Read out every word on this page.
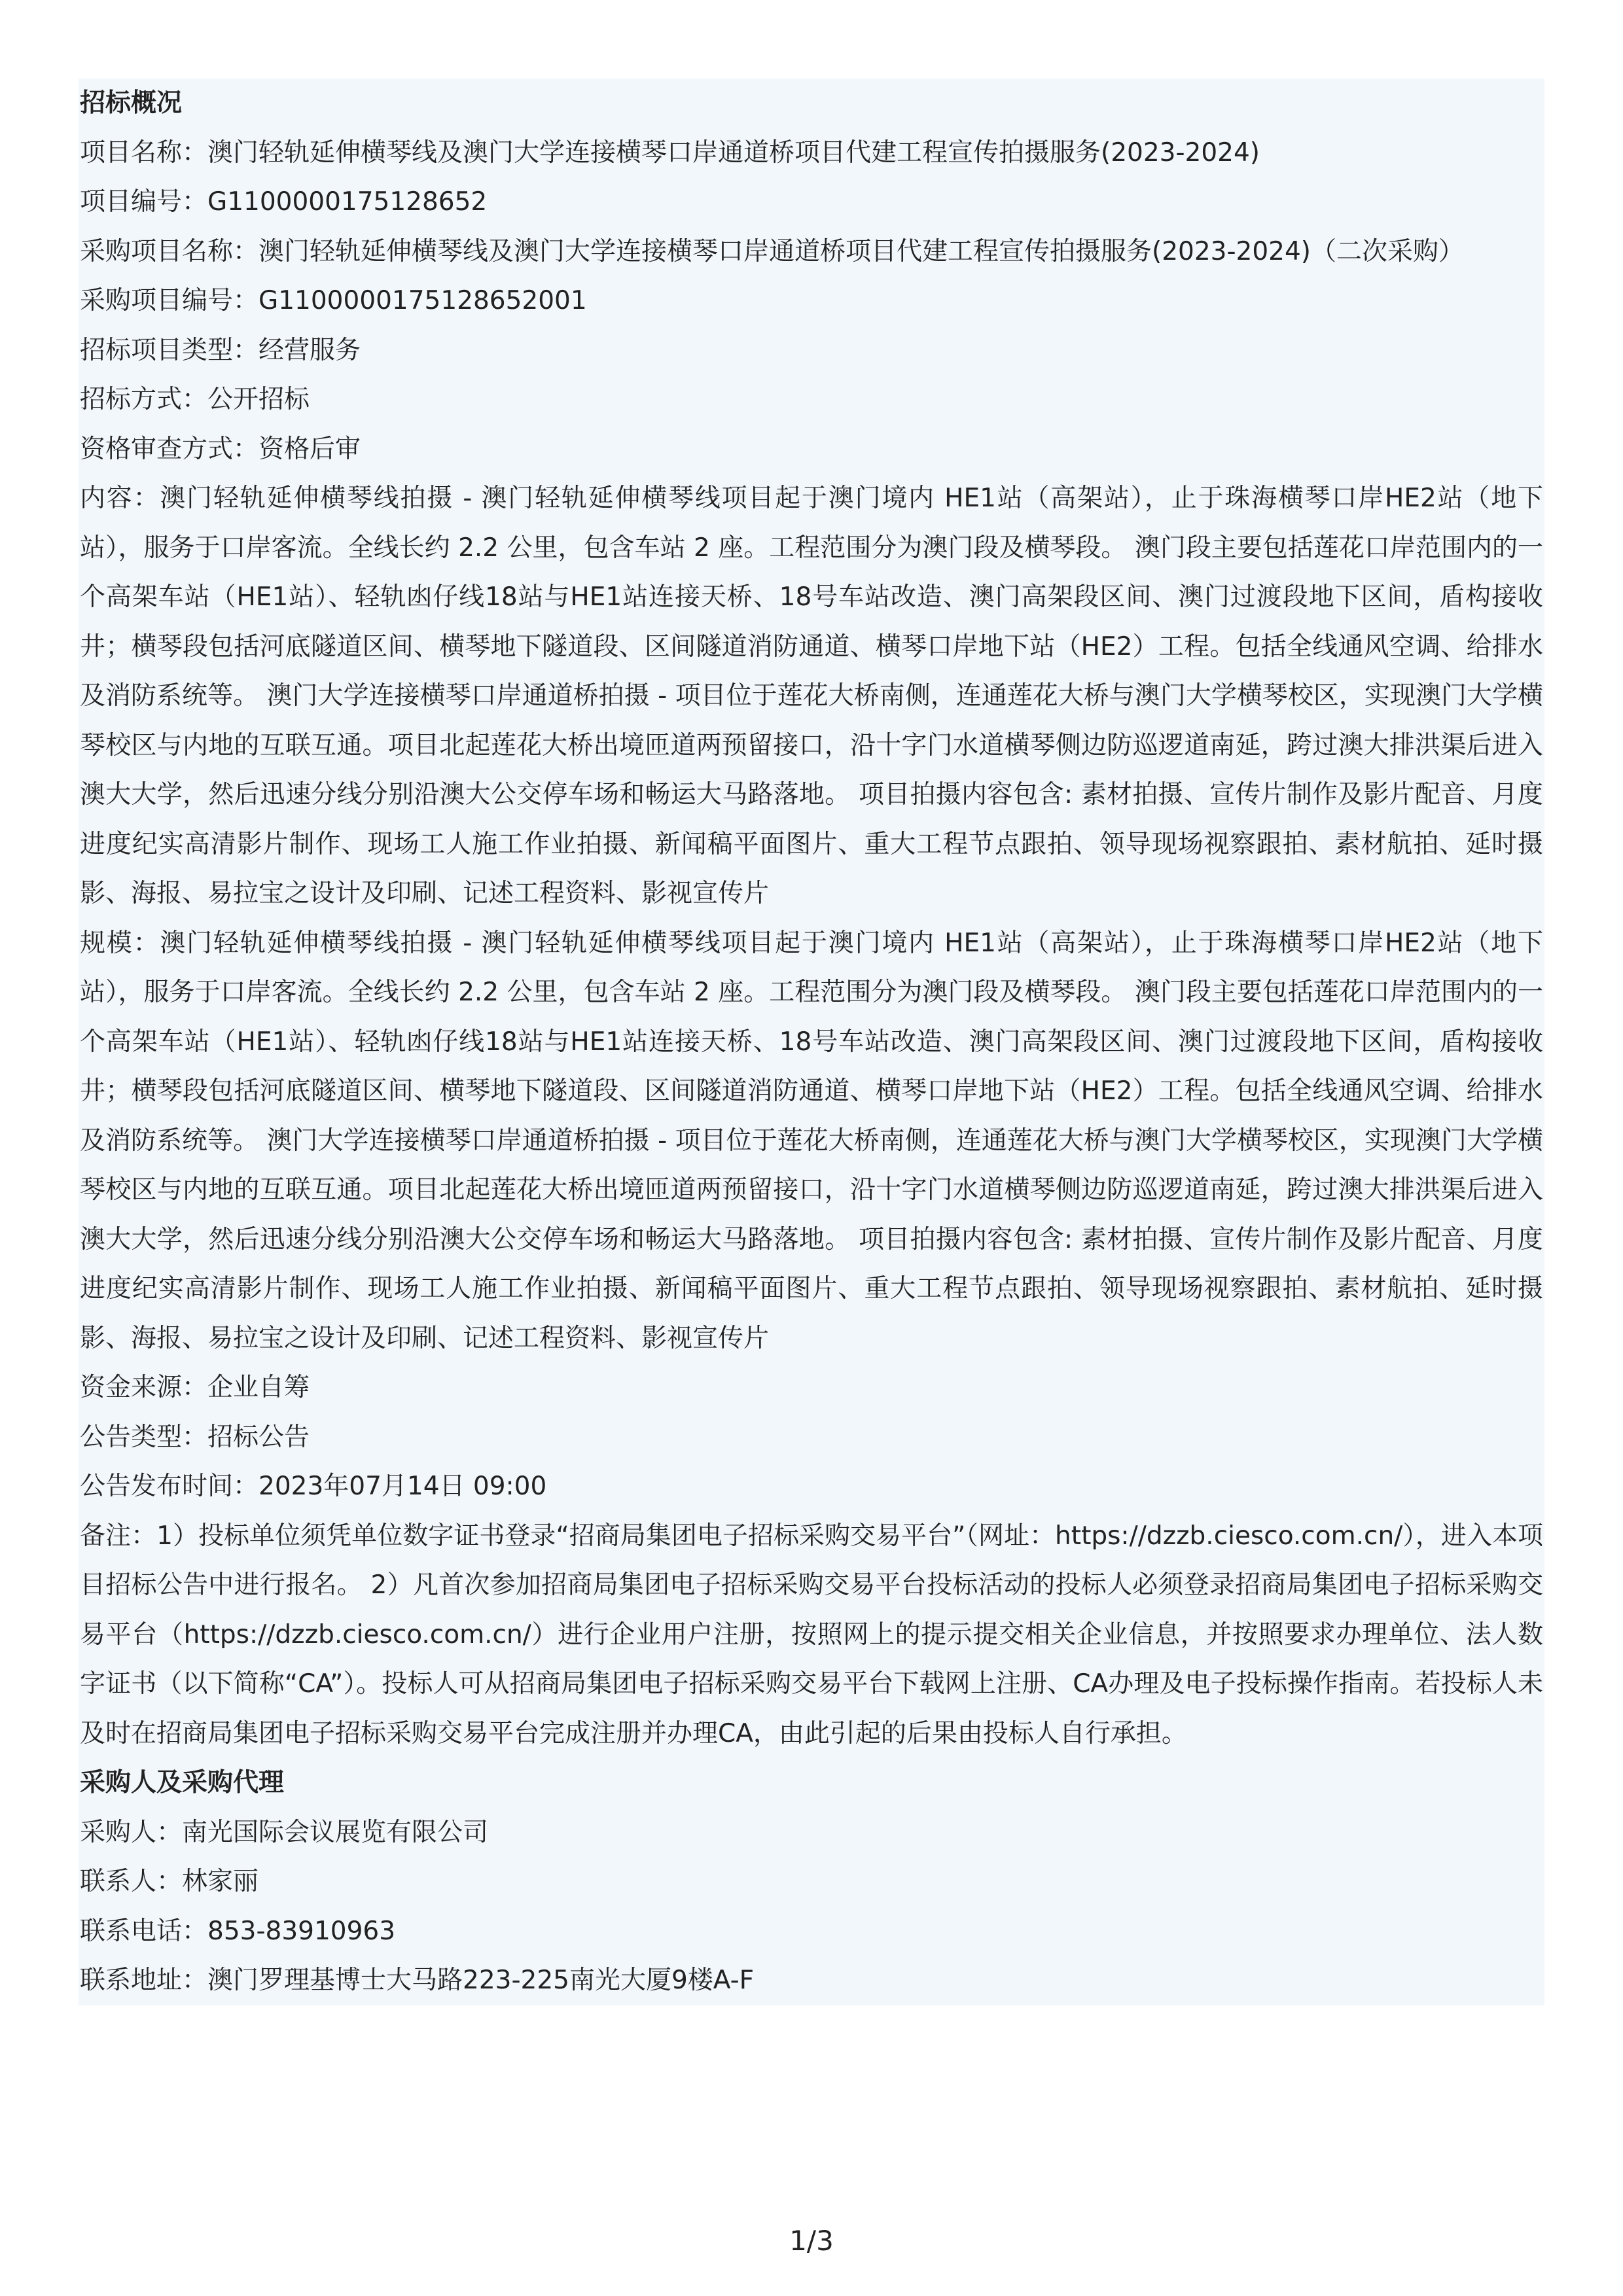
招标概况

项目名称：澳门轻轨延伸横琴线及澳门大学连接横琴口岸通道桥项目代建工程宣传拍摄服务(2023-2024)

项目编号：G1100000175128652

采购项目名称：澳门轻轨延伸横琴线及澳门大学连接横琴口岸通道桥项目代建工程宣传拍摄服务(2023-2024)（二次采购）

采购项目编号：G1100000175128652001

招标项目类型：经营服务

招标方式：公开招标

资格审查方式：资格后审

内容：澳门轻轨延伸横琴线拍摄 - 澳门轻轨延伸横琴线项目起于澳门境内 HE1站（高架站），止于珠海横琴口岸HE2站（地下站），服务于口岸客流。全线长约 2.2 公里，包含车站 2 座。工程范围分为澳门段及横琴段。 澳门段主要包括莲花口岸范围内的一个高架车站（HE1站）、轻轨凼仔线18站与HE1站连接天桥、18号车站改造、澳门高架段区间、澳门过渡段地下区间，盾构接收井；横琴段包括河底隧道区间、横琴地下隧道段、区间隧道消防通道、横琴口岸地下站（HE2）工程。包括全线通风空调、给排水及消防系统等。 澳门大学连接横琴口岸通道桥拍摄 - 项目位于莲花大桥南侧，连通莲花大桥与澳门大学横琴校区，实现澳门大学横琴校区与内地的互联互通。项目北起莲花大桥出境匝道两预留接口，沿十字门水道横琴侧边防巡逻道南延，跨过澳大排洪渠后进入澳大大学，然后迅速分线分别沿澳大公交停车场和畅运大马路落地。 项目拍摄内容包含: 素材拍摄、宣传片制作及影片配音、月度进度纪实高清影片制作、现场工人施工作业拍摄、新闻稿平面图片、重大工程节点跟拍、领导现场视察跟拍、素材航拍、延时摄影、海报、易拉宝之设计及印刷、记述工程资料、影视宣传片

规模：澳门轻轨延伸横琴线拍摄 - 澳门轻轨延伸横琴线项目起于澳门境内 HE1站（高架站），止于珠海横琴口岸HE2站（地下站），服务于口岸客流。全线长约 2.2 公里，包含车站 2 座。工程范围分为澳门段及横琴段。 澳门段主要包括莲花口岸范围内的一个高架车站（HE1站）、轻轨凼仔线18站与HE1站连接天桥、18号车站改造、澳门高架段区间、澳门过渡段地下区间，盾构接收井；横琴段包括河底隧道区间、横琴地下隧道段、区间隧道消防通道、横琴口岸地下站（HE2）工程。包括全线通风空调、给排水及消防系统等。 澳门大学连接横琴口岸通道桥拍摄 - 项目位于莲花大桥南侧，连通莲花大桥与澳门大学横琴校区，实现澳门大学横琴校区与内地的互联互通。项目北起莲花大桥出境匝道两预留接口，沿十字门水道横琴侧边防巡逻道南延，跨过澳大排洪渠后进入澳大大学，然后迅速分线分别沿澳大公交停车场和畅运大马路落地。 项目拍摄内容包含: 素材拍摄、宣传片制作及影片配音、月度进度纪实高清影片制作、现场工人施工作业拍摄、新闻稿平面图片、重大工程节点跟拍、领导现场视察跟拍、素材航拍、延时摄影、海报、易拉宝之设计及印刷、记述工程资料、影视宣传片

资金来源：企业自筹

公告类型：招标公告

公告发布时间：2023年07月14日 09:00

备注：1）投标单位须凭单位数字证书登录“招商局集团电子招标采购交易平台”（网址：https://dzzb.ciesco.com.cn/），进入本项目招标公告中进行报名。 2）凡首次参加招商局集团电子招标采购交易平台投标活动的投标人必须登录招商局集团电子招标采购交易平台（https://dzzb.ciesco.com.cn/）进行企业用户注册，按照网上的提示提交相关企业信息，并按照要求办理单位、法人数字证书（以下简称“CA”）。投标人可从招商局集团电子招标采购交易平台下载网上注册、CA办理及电子投标操作指南。若投标人未及时在招商局集团电子招标采购交易平台完成注册并办理CA，由此引起的后果由投标人自行承担。

采购人及采购代理

采购人：南光国际会议展览有限公司

联系人：林家丽

联系电话：853-83910963

联系地址：澳门罗理基博士大马路223-225南光大厦9楼A-F

1/3
